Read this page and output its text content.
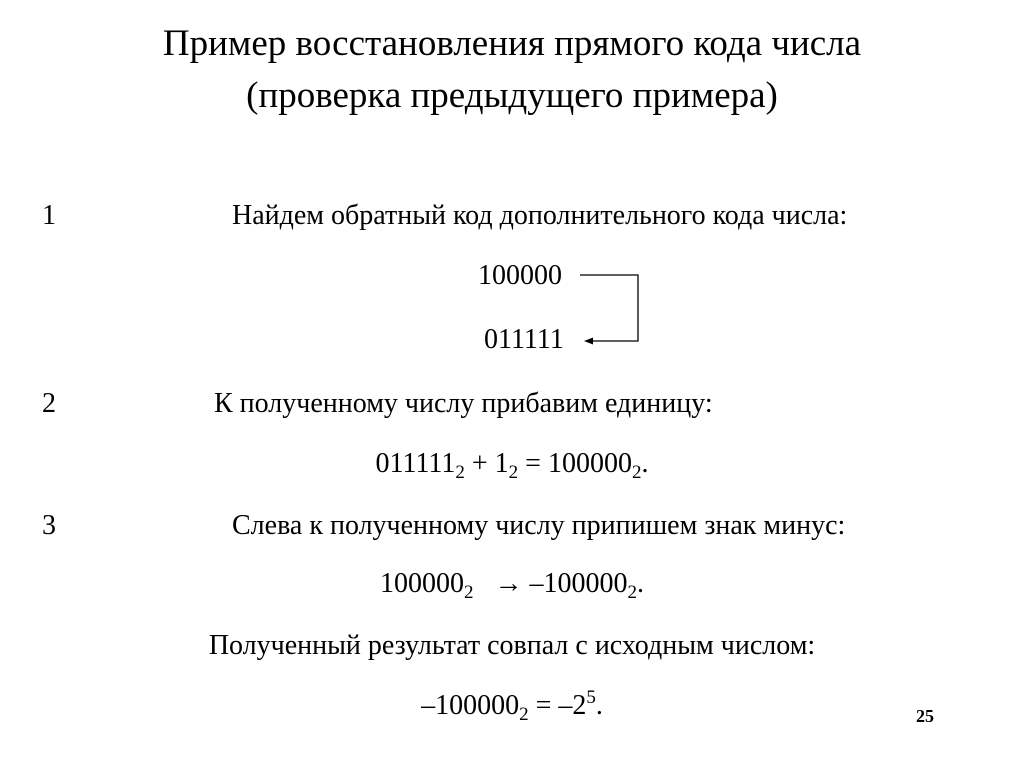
Пример восстановления прямого кода числа
(проверка предыдущего примера)
1	Найдем обратный код дополнительного кода числа:
100000
011111
2	К полученному числу прибавим единицу:
$011111_2 + 1_2 = 100000_2$.
3	Слева к полученному числу припишем знак минус:
$100000_2 \to -100000_2$.
Полученный результат совпал с исходным числом:
$-100000_2 = -2^5$.	25
